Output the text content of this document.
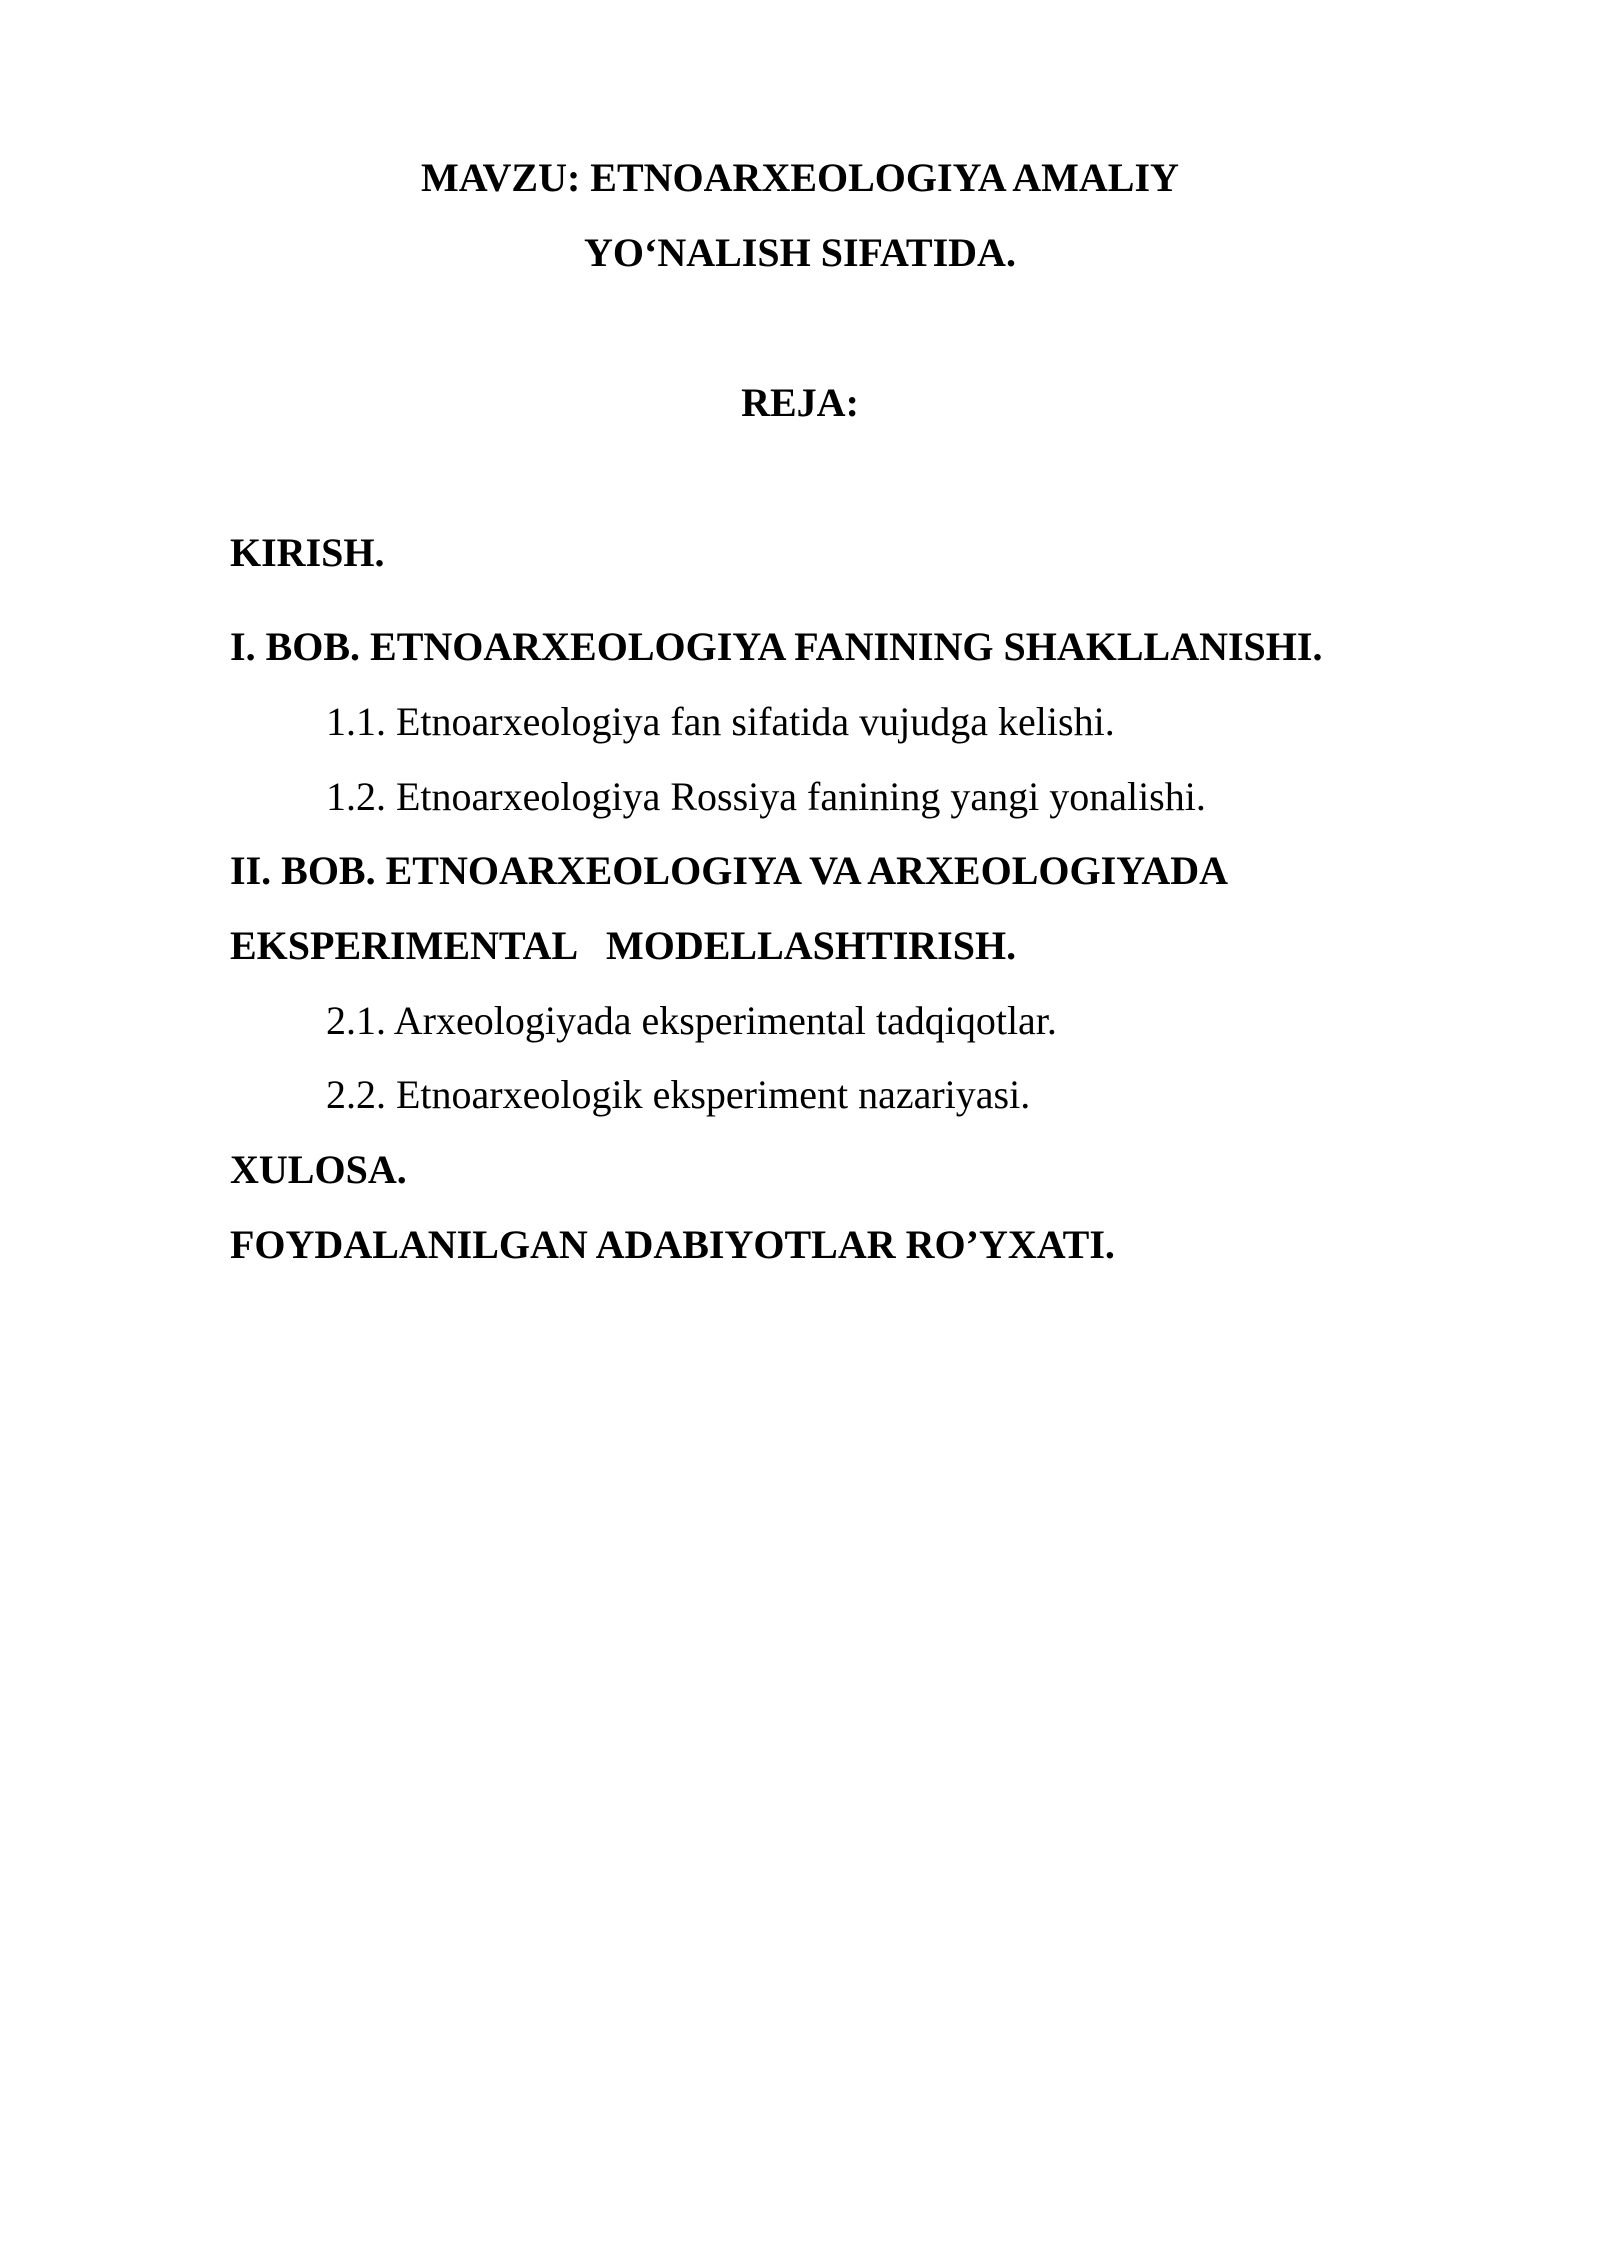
MAVZU: ETNOARXEOLOGIYA AMALIY

YO‘NALISH SIFATIDA.

REJA:

KIRISH.

I. BOB. ETNOARXEOLOGIYA FANINING SHAKLLANISHI.

1.1. Etnoarxeologiya fan sifatida vujudga kelishi.

1.2. Etnoarxeologiya Rossiya fanining yangi yonalishi.

II. BOB. ETNOARXEOLOGIYA VA ARXEOLOGIYADA

EKSPERIMENTAL   MODELLASHTIRISH.

2.1. Arxeologiyada eksperimental tadqiqotlar.

2.2. Etnoarxeologik eksperiment nazariyasi.

XULOSA.

FOYDALANILGAN ADABIYOTLAR RO’YXATI.
